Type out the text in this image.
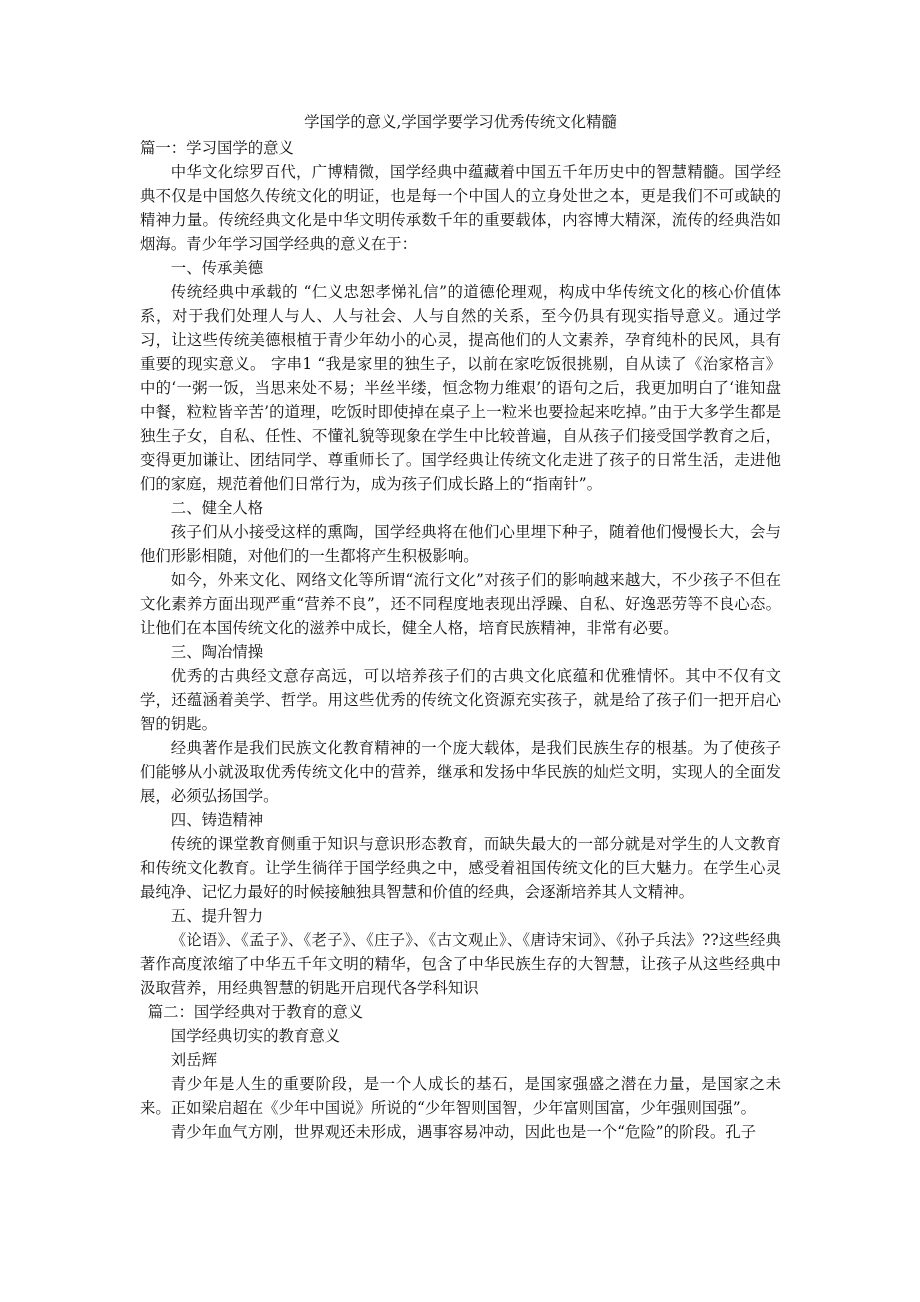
学国学的意义,学国学要学习优秀传统文化精髓

篇一：学习国学的意义

中华文化综罗百代，广博精微，国学经典中蕴藏着中国五千年历史中的智慧精髓。国学经典不仅是中国悠久传统文化的明证，也是每一个中国人的立身处世之本，更是我们不可或缺的精神力量。传统经典文化是中华文明传承数千年的重要载体，内容博大精深，流传的经典浩如烟海。青少年学习国学经典的意义在于：

一、传承美德

传统经典中承载的 “仁义忠恕孝悌礼信”的道德伦理观，构成中华传统文化的核心价值体系，对于我们处理人与人、人与社会、人与自然的关系，至今仍具有现实指导意义。通过学习，让这些传统美德根植于青少年幼小的心灵，提高他们的人文素养，孕育纯朴的民风，具有重要的现实意义。 字串1 “我是家里的独生子，以前在家吃饭很挑剔，自从读了《治家格言》中的‘一粥一饭，当思来处不易；半丝半缕，恒念物力维艰’的语句之后，我更加明白了‘谁知盘中餐，粒粒皆辛苦’的道理，吃饭时即使掉在桌子上一粒米也要捡起来吃掉。”由于大多学生都是独生子女，自私、任性、不懂礼貌等现象在学生中比较普遍，自从孩子们接受国学教育之后，变得更加谦让、团结同学、尊重师长了。国学经典让传统文化走进了孩子的日常生活，走进他们的家庭，规范着他们日常行为，成为孩子们成长路上的“指南针”。

二、健全人格

孩子们从小接受这样的熏陶，国学经典将在他们心里埋下种子，随着他们慢慢长大，会与他们形影相随，对他们的一生都将产生积极影响。

如今，外来文化、网络文化等所谓“流行文化”对孩子们的影响越来越大，不少孩子不但在文化素养方面出现严重“营养不良”，还不同程度地表现出浮躁、自私、好逸恶劳等不良心态。让他们在本国传统文化的滋养中成长，健全人格，培育民族精神，非常有必要。

三、陶冶情操

优秀的古典经文意存高远，可以培养孩子们的古典文化底蕴和优雅情怀。其中不仅有文学，还蕴涵着美学、哲学。用这些优秀的传统文化资源充实孩子，就是给了孩子们一把开启心智的钥匙。

经典著作是我们民族文化教育精神的一个庞大载体，是我们民族生存的根基。为了使孩子们能够从小就汲取优秀传统文化中的营养，继承和发扬中华民族的灿烂文明，实现人的全面发展，必须弘扬国学。

四、铸造精神

传统的课堂教育侧重于知识与意识形态教育，而缺失最大的一部分就是对学生的人文教育和传统文化教育。让学生徜徉于国学经典之中，感受着祖国传统文化的巨大魅力。在学生心灵最纯净、记忆力最好的时候接触独具智慧和价值的经典，会逐渐培养其人文精神。

五、提升智力

《论语》、《孟子》、《老子》、《庄子》、《古文观止》、《唐诗宋词》、《孙子兵法》??这些经典著作高度浓缩了中华五千年文明的精华，包含了中华民族生存的大智慧，让孩子从这些经典中汲取营养，用经典智慧的钥匙开启现代各学科知识

篇二：国学经典对于教育的意义

国学经典切实的教育意义

刘岳辉

青少年是人生的重要阶段，是一个人成长的基石，是国家强盛之潜在力量，是国家之未来。正如梁启超在《少年中国说》所说的“少年智则国智，少年富则国富，少年强则国强”。

青少年血气方刚，世界观还未形成，遇事容易冲动，因此也是一个“危险”的阶段。孔子
